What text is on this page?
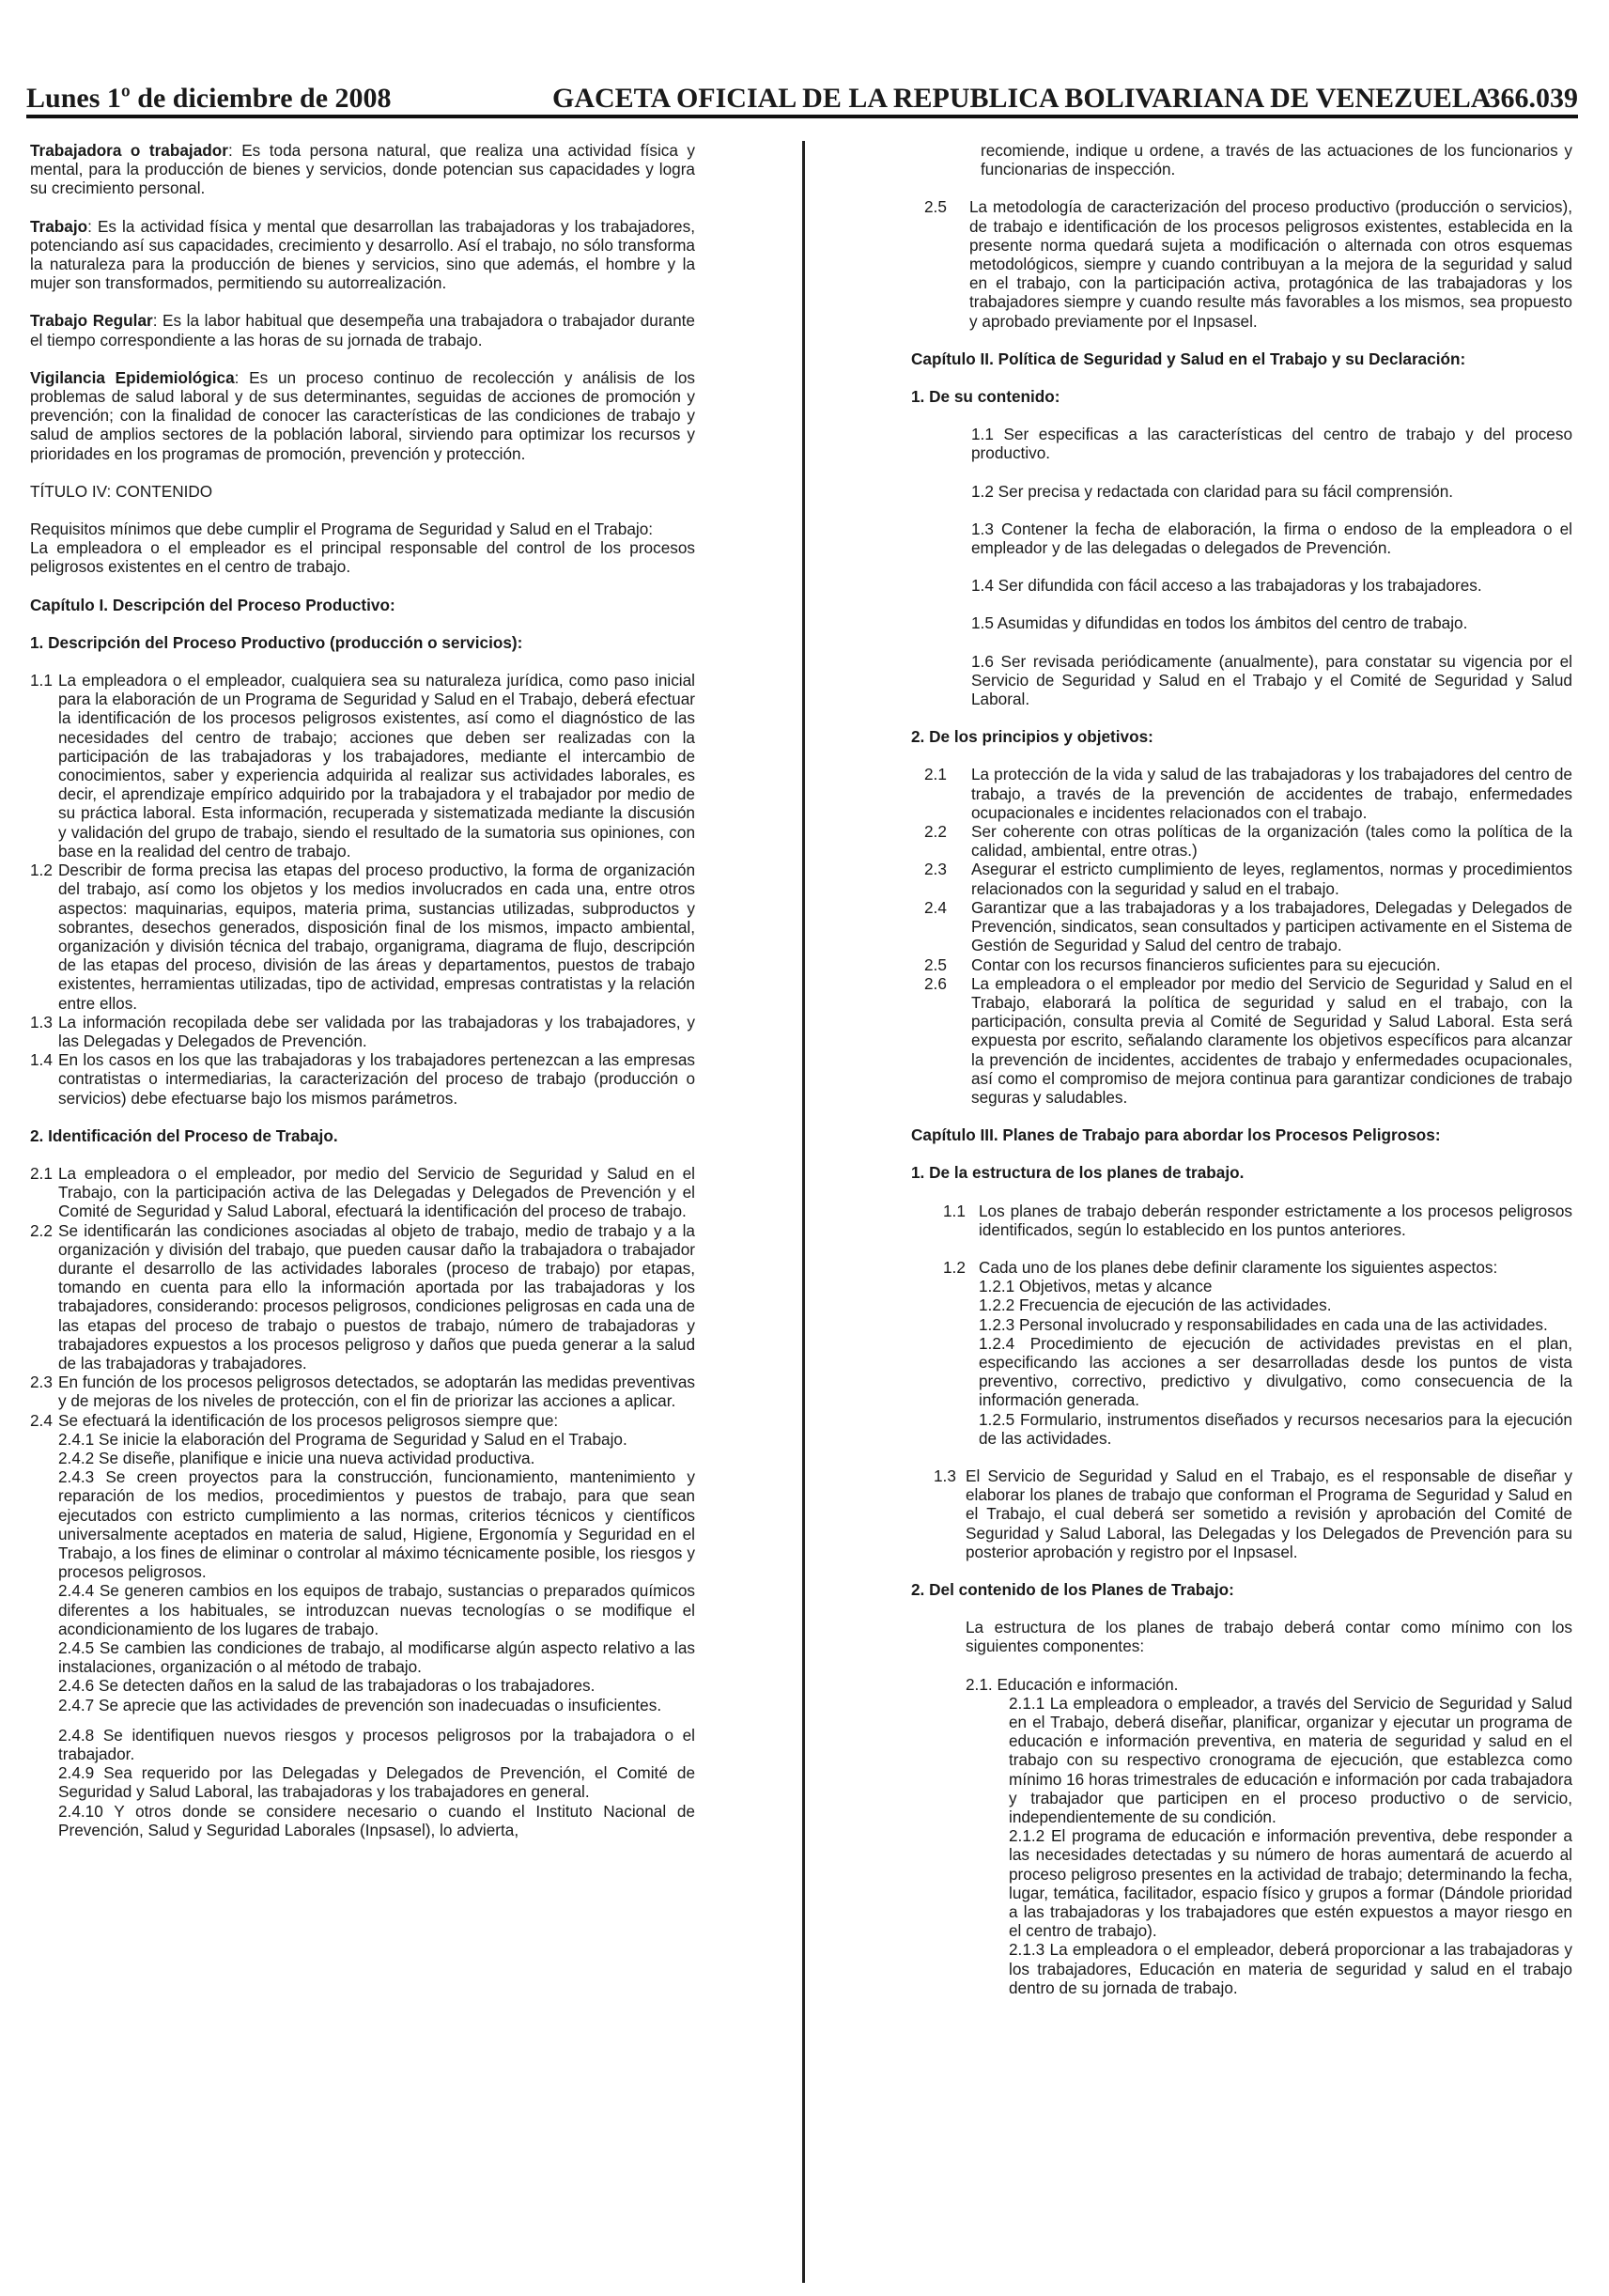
Lunes 1º de diciembre de 2008	GACETA OFICIAL DE LA REPUBLICA BOLIVARIANA DE VENEZUELA
366.039

Trabajadora o trabajador: Es toda persona natural, que realiza una actividad física y mental, para la producción de bienes y servicios, donde potencian sus capacidades y logra su crecimiento personal.

Trabajo: Es la actividad física y mental que desarrollan las trabajadoras y los trabajadores, potenciando así sus capacidades, crecimiento y desarrollo. Así el trabajo, no sólo transforma la naturaleza para la producción de bienes y servicios, sino que además, el hombre y la mujer son transformados, permitiendo su autorrealización.

Trabajo Regular: Es la labor habitual que desempeña una trabajadora o trabajador durante el tiempo correspondiente a las horas de su jornada de trabajo.

Vigilancia Epidemiológica: Es un proceso continuo de recolección y análisis de los problemas de salud laboral y de sus determinantes, seguidas de acciones de promoción y prevención; con la finalidad de conocer las características de las condiciones de trabajo y salud de amplios sectores de la población laboral, sirviendo para optimizar los recursos y prioridades en los programas de promoción, prevención y protección.

TÍTULO IV: CONTENIDO

Requisitos mínimos que debe cumplir el Programa de Seguridad y Salud en el Trabajo:

La empleadora o el empleador es el principal responsable del control de los procesos peligrosos existentes en el centro de trabajo.

Capítulo I. Descripción del Proceso Productivo:

1. Descripción del Proceso Productivo (producción o servicios):

1.1 La empleadora o el empleador, cualquiera sea su naturaleza jurídica, como paso inicial para la elaboración de un Programa de Seguridad y Salud en el Trabajo, deberá efectuar la identificación de los procesos peligrosos existentes, así como el diagnóstico de las necesidades del centro de trabajo; acciones que deben ser realizadas con la participación de las trabajadoras y los trabajadores, mediante el intercambio de conocimientos, saber y experiencia adquirida al realizar sus actividades laborales, es decir, el aprendizaje empírico adquirido por la trabajadora y el trabajador por medio de su práctica laboral. Esta información, recuperada y sistematizada mediante la discusión y validación del grupo de trabajo, siendo el resultado de la sumatoria sus opiniones, con base en la realidad del centro de trabajo.
1.2 Describir de forma precisa las etapas del proceso productivo, la forma de organización del trabajo, así como los objetos y los medios involucrados en cada una, entre otros aspectos: maquinarias, equipos, materia prima, sustancias utilizadas, subproductos y sobrantes, desechos generados, disposición final de los mismos, impacto ambiental, organización y división técnica del trabajo, organigrama, diagrama de flujo, descripción de las etapas del proceso, división de las áreas y departamentos, puestos de trabajo existentes, herramientas utilizadas, tipo de actividad, empresas contratistas y la relación entre ellos.
1.3 La información recopilada debe ser validada por las trabajadoras y los trabajadores, y las Delegadas y Delegados de Prevención.
1.4 En los casos en los que las trabajadoras y los trabajadores pertenezcan a las empresas contratistas o intermediarias, la caracterización del proceso de trabajo (producción o servicios) debe efectuarse bajo los mismos parámetros.

2. Identificación del Proceso de Trabajo.

2.1 La empleadora o el empleador, por medio del Servicio de Seguridad y Salud en el Trabajo, con la participación activa de las Delegadas y Delegados de Prevención y el Comité de Seguridad y Salud Laboral, efectuará la identificación del proceso de trabajo.
2.2 Se identificarán las condiciones asociadas al objeto de trabajo, medio de trabajo y a la organización y división del trabajo, que pueden causar daño la trabajadora o trabajador durante el desarrollo de las actividades laborales (proceso de trabajo) por etapas, tomando en cuenta para ello la información aportada por las trabajadoras y los trabajadores, considerando: procesos peligrosos, condiciones peligrosas en cada una de las etapas del proceso de trabajo o puestos de trabajo, número de trabajadoras y trabajadores expuestos a los procesos peligroso y daños que pueda generar a la salud de las trabajadoras y trabajadores.
2.3 En función de los procesos peligrosos detectados, se adoptarán las medidas preventivas y de mejoras de los niveles de protección, con el fin de priorizar las acciones a aplicar.
2.4 Se efectuará la identificación de los procesos peligrosos siempre que:
2.4.1 Se inicie la elaboración del Programa de Seguridad y Salud en el Trabajo.
2.4.2 Se diseñe, planifique e inicie una nueva actividad productiva.
2.4.3 Se creen proyectos para la construcción, funcionamiento, mantenimiento y reparación de los medios, procedimientos y puestos de trabajo, para que sean ejecutados con estricto cumplimiento a las normas, criterios técnicos y científicos universalmente aceptados en materia de salud, Higiene, Ergonomía y Seguridad en el Trabajo, a los fines de eliminar o controlar al máximo técnicamente posible, los riesgos y procesos peligrosos.
2.4.4 Se generen cambios en los equipos de trabajo, sustancias o preparados químicos diferentes a los habituales, se introduzcan nuevas tecnologías o se modifique el acondicionamiento de los lugares de trabajo.
2.4.5 Se cambien las condiciones de trabajo, al modificarse algún aspecto relativo a las instalaciones, organización o al método de trabajo.
2.4.6 Se detecten daños en la salud de las trabajadoras o los trabajadores.
2.4.7 Se aprecie que las actividades de prevención son inadecuadas o insuficientes.
2.4.8 Se identifiquen nuevos riesgos y procesos peligrosos por la trabajadora o el trabajador.
2.4.9 Sea requerido por las Delegadas y Delegados de Prevención, el Comité de Seguridad y Salud Laboral, las trabajadoras y los trabajadores en general.
2.4.10 Y otros donde se considere necesario o cuando el Instituto Nacional de Prevención, Salud y Seguridad Laborales (Inpsasel), lo advierta,

recomiende, indique u ordene, a través de las actuaciones de los funcionarios y funcionarias de inspección.

2.5 La metodología de caracterización del proceso productivo (producción o servicios), de trabajo e identificación de los procesos peligrosos existentes, establecida en la presente norma quedará sujeta a modificación o alternada con otros esquemas metodológicos, siempre y cuando contribuyan a la mejora de la seguridad y salud en el trabajo, con la participación activa, protagónica de las trabajadoras y los trabajadores siempre y cuando resulte más favorables a los mismos, sea propuesto y aprobado previamente por el Inpsasel.

Capítulo II. Política de Seguridad y Salud en el Trabajo y su Declaración:

1. De su contenido:

1.1 Ser especificas a las características del centro de trabajo y del proceso productivo.

1.2 Ser precisa y redactada con claridad para su fácil comprensión.

1.3 Contener la fecha de elaboración, la firma o endoso de la empleadora o el empleador y de las delegadas o delegados de Prevención.

1.4 Ser difundida con fácil acceso a las trabajadoras y los trabajadores.

1.5 Asumidas y difundidas en todos los ámbitos del centro de trabajo.

1.6 Ser revisada periódicamente (anualmente), para constatar su vigencia por el Servicio de Seguridad y Salud en el Trabajo y el Comité de Seguridad y Salud Laboral.

2. De los principios y objetivos:

2.1 La protección de la vida y salud de las trabajadoras y los trabajadores del centro de trabajo, a través de la prevención de accidentes de trabajo, enfermedades ocupacionales e incidentes relacionados con el trabajo.
2.2 Ser coherente con otras políticas de la organización (tales como la política de la calidad, ambiental, entre otras.)
2.3 Asegurar el estricto cumplimiento de leyes, reglamentos, normas y procedimientos relacionados con la seguridad y salud en el trabajo.
2.4 Garantizar que a las trabajadoras y a los trabajadores, Delegadas y Delegados de Prevención, sindicatos, sean consultados y participen activamente en el Sistema de Gestión de Seguridad y Salud del centro de trabajo.
2.5 Contar con los recursos financieros suficientes para su ejecución.
2.6 La empleadora o el empleador por medio del Servicio de Seguridad y Salud en el Trabajo, elaborará la política de seguridad y salud en el trabajo, con la participación, consulta previa al Comité de Seguridad y Salud Laboral. Esta será expuesta por escrito, señalando claramente los objetivos específicos para alcanzar la prevención de incidentes, accidentes de trabajo y enfermedades ocupacionales, así como el compromiso de mejora continua para garantizar condiciones de trabajo seguras y saludables.

Capítulo III. Planes de Trabajo para abordar los Procesos Peligrosos:

1. De la estructura de los planes de trabajo.

1.1 Los planes de trabajo deberán responder estrictamente a los procesos peligrosos identificados, según lo establecido en los puntos anteriores.
1.2 Cada uno de los planes debe definir claramente los siguientes aspectos:
1.2.1 Objetivos, metas y alcance
1.2.2 Frecuencia de ejecución de las actividades.
1.2.3 Personal involucrado y responsabilidades en cada una de las actividades.
1.2.4 Procedimiento de ejecución de actividades previstas en el plan, especificando las acciones a ser desarrolladas desde los puntos de vista preventivo, correctivo, predictivo y divulgativo, como consecuencia de la información generada.
1.2.5 Formulario, instrumentos diseñados y recursos necesarios para la ejecución de las actividades.
1.3 El Servicio de Seguridad y Salud en el Trabajo, es el responsable de diseñar y elaborar los planes de trabajo que conforman el Programa de Seguridad y Salud en el Trabajo, el cual deberá ser sometido a revisión y aprobación del Comité de Seguridad y Salud Laboral, las Delegadas y los Delegados de Prevención para su posterior aprobación y registro por el Inpsasel.

2. Del contenido de los Planes de Trabajo:

La estructura de los planes de trabajo deberá contar como mínimo con los siguientes componentes:

2.1. Educación e información.
2.1.1 La empleadora o empleador, a través del Servicio de Seguridad y Salud en el Trabajo, deberá diseñar, planificar, organizar y ejecutar un programa de educación e información preventiva, en materia de seguridad y salud en el trabajo con su respectivo cronograma de ejecución, que establezca como mínimo 16 horas trimestrales de educación e información por cada trabajadora y trabajador que participen en el proceso productivo o de servicio, independientemente de su condición.
2.1.2 El programa de educación e información preventiva, debe responder a las necesidades detectadas y su número de horas aumentará de acuerdo al proceso peligroso presentes en la actividad de trabajo; determinando la fecha, lugar, temática, facilitador, espacio físico y grupos a formar (Dándole prioridad a las trabajadoras y los trabajadores que estén expuestos a mayor riesgo en el centro de trabajo).
2.1.3 La empleadora o el empleador, deberá proporcionar a las trabajadoras y los trabajadores, Educación en materia de seguridad y salud en el trabajo dentro de su jornada de trabajo.
